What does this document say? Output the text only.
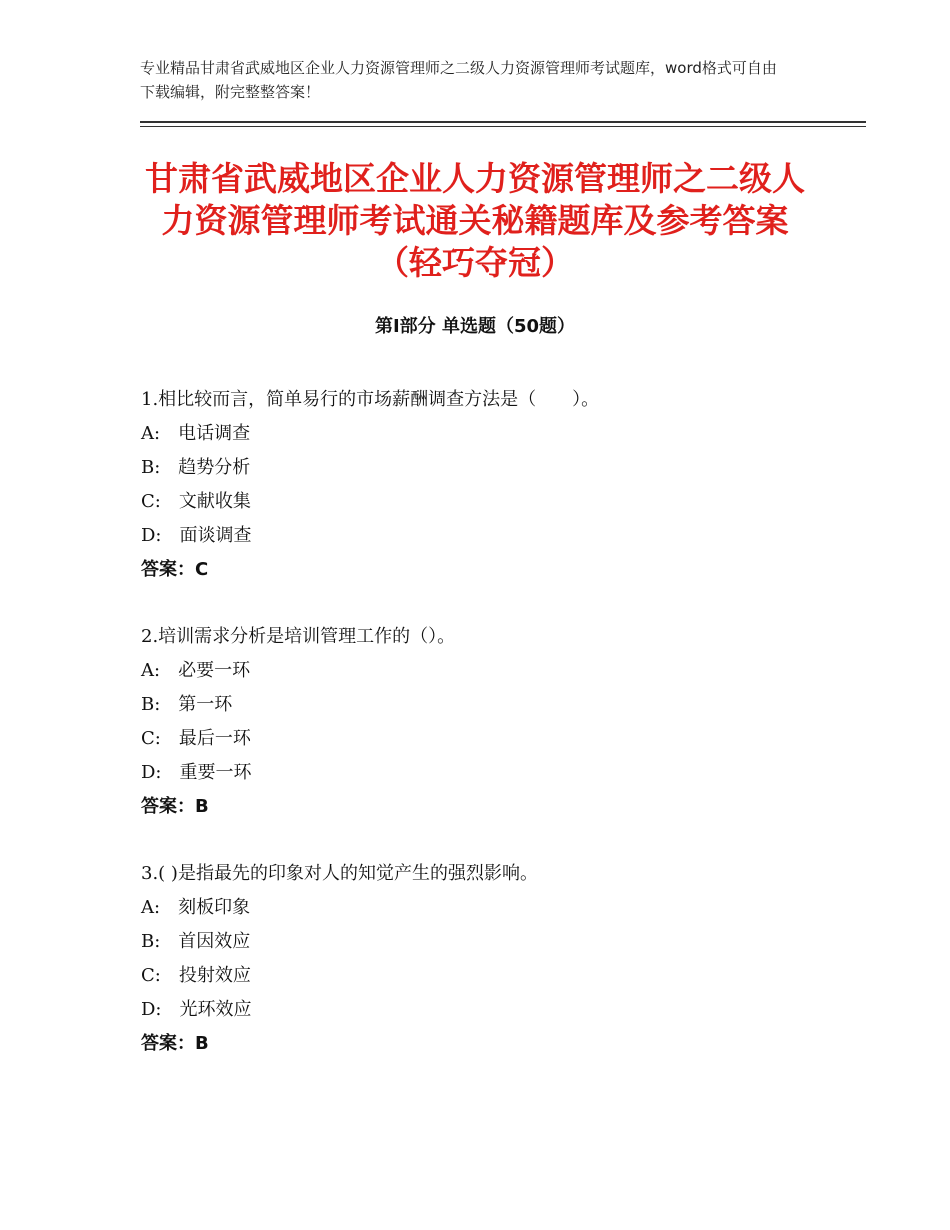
专业精品甘肃省武威地区企业人力资源管理师之二级人力资源管理师考试题库，word格式可自由下载编辑，附完整整答案！
甘肃省武威地区企业人力资源管理师之二级人力资源管理师考试通关秘籍题库及参考答案（轻巧夺冠）
第Ⅰ部分 单选题（50题）
1.相比较而言，简单易行的市场薪酬调查方法是（　　）。
A:　电话调查
B:　趋势分析
C:　文献收集
D:　面谈调查
答案：C
2.培训需求分析是培训管理工作的（）。
A:　必要一环
B:　第一环
C:　最后一环
D:　重要一环
答案：B
3.( )是指最先的印象对人的知觉产生的强烈影响。
A:　刻板印象
B:　首因效应
C:　投射效应
D:　光环效应
答案：B
